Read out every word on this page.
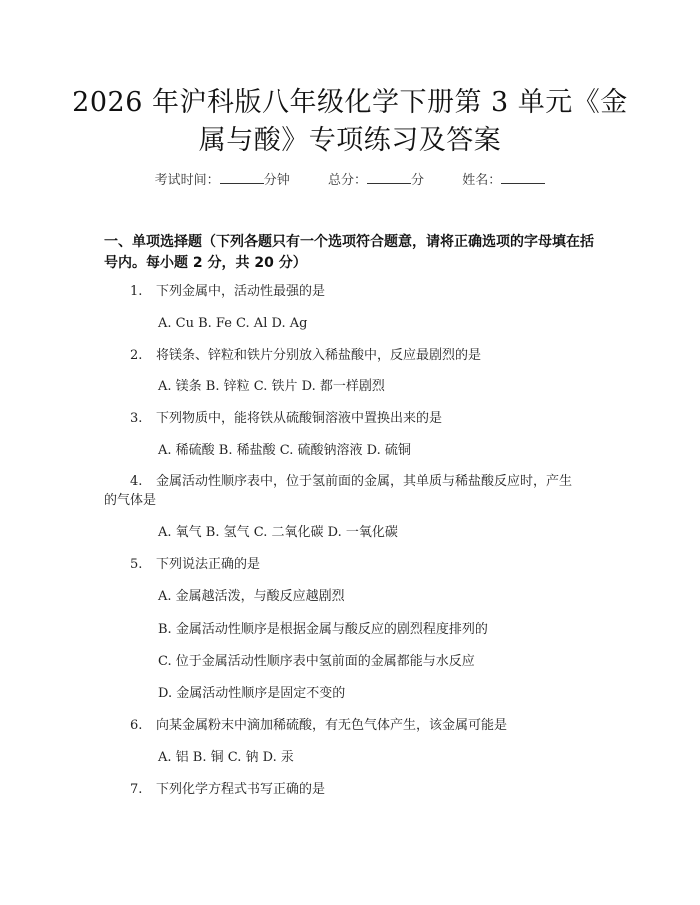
2026 年沪科版八年级化学下册第 3 单元《金
属与酸》专项练习及答案
考试时间：	分钟	总分：	分	姓名：
一、单项选择题（下列各题只有一个选项符合题意，请将正确选项的字母填在括
号内。每小题 2 分，共 20 分）
1. 下列金属中，活动性最强的是
A. Cu B. Fe C. Al D. Ag
2. 将镁条、锌粒和铁片分别放入稀盐酸中，反应最剧烈的是
A. 镁条 B. 锌粒 C. 铁片 D. 都一样剧烈
3. 下列物质中，能将铁从硫酸铜溶液中置换出来的是
A. 稀硫酸 B. 稀盐酸 C. 硫酸钠溶液 D. 硫铜
4. 金属活动性顺序表中，位于氢前面的金属，其单质与稀盐酸反应时，产生
的气体是
A. 氧气 B. 氢气 C. 二氧化碳 D. 一氧化碳
5. 下列说法正确的是
A. 金属越活泼，与酸反应越剧烈
B. 金属活动性顺序是根据金属与酸反应的剧烈程度排列的
C. 位于金属活动性顺序表中氢前面的金属都能与水反应
D. 金属活动性顺序是固定不变的
6. 向某金属粉末中滴加稀硫酸，有无色气体产生，该金属可能是
A. 铝 B. 铜 C. 钠 D. 汞
7. 下列化学方程式书写正确的是
